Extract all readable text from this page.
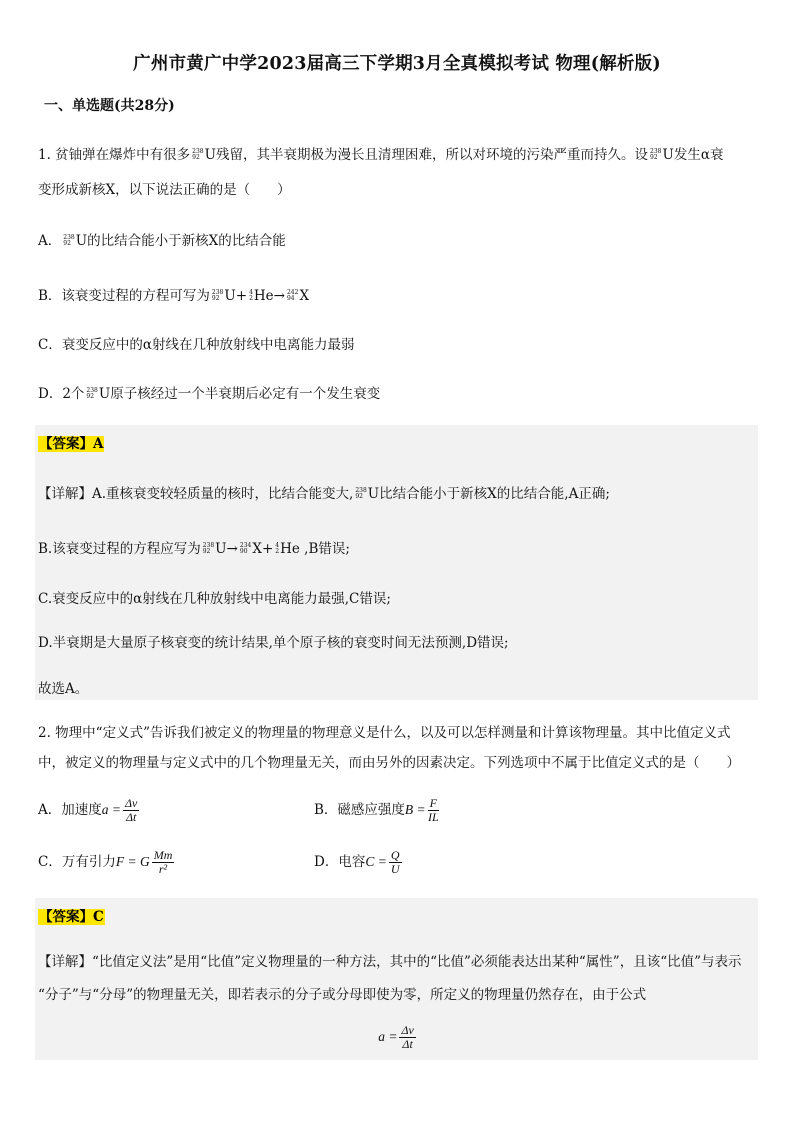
广州市黄广中学2023届高三下学期3月全真模拟考试 物理(解析版)
一、单选题(共28分)
1. 贫铀弹在爆炸中有很多 238
92 U残留，其半衰期极为漫长且清理困难，所以对环境的污染严重而持久。设 238
92 U发生α衰
变形成新核X，以下说法正确的是（　　）
A． 238
92 U的比结合能小于新核X的比结合能
B．该衰变过程的方程可写为 238
92 U+ 4
2 He→ 242
94 X
C．衰变反应中的α射线在几种放射线中电离能力最弱
D．2个 238
92 U原子核经过一个半衰期后必定有一个发生衰变
【答案】A
【详解】A.重核衰变较轻质量的核时，比结合能变大, 238
92 U比结合能小于新核X的比结合能,A正确;
B.该衰变过程的方程应写为 238
92 U→ 234
90 X+ 4
2 He ,B错误;
C.衰变反应中的α射线在几种放射线中电离能力最强,C错误;
D.半衰期是大量原子核衰变的统计结果,单个原子核的衰变时间无法预测,D错误;
故选A。
2. 物理中“定义式”告诉我们被定义的物理量的物理意义是什么，以及可以怎样测量和计算该物理量。其中比值定义式
中，被定义的物理量与定义式中的几个物理量无关，而由另外的因素决定。下列选项中不属于比值定义式的是（　　）
A．加速度$a = \frac{\Delta v}{\Delta t}$	B．磁感应强度$B = \frac{F}{IL}$
C．万有引力F = G $\frac{Mm}{\text{r²}}$	D．电容$C = \frac{Q}{U}$
【答案】C
【详解】“比值定义法”是用“比值”定义物理量的一种方法，其中的“比值”必须能表达出某种“属性”，且该“比值”与表示
“分子”与“分母”的物理量无关，即若表示的分子或分母即使为零，所定义的物理量仍然存在，由于公式
$a = \frac{\Delta v}{\Delta t}$
